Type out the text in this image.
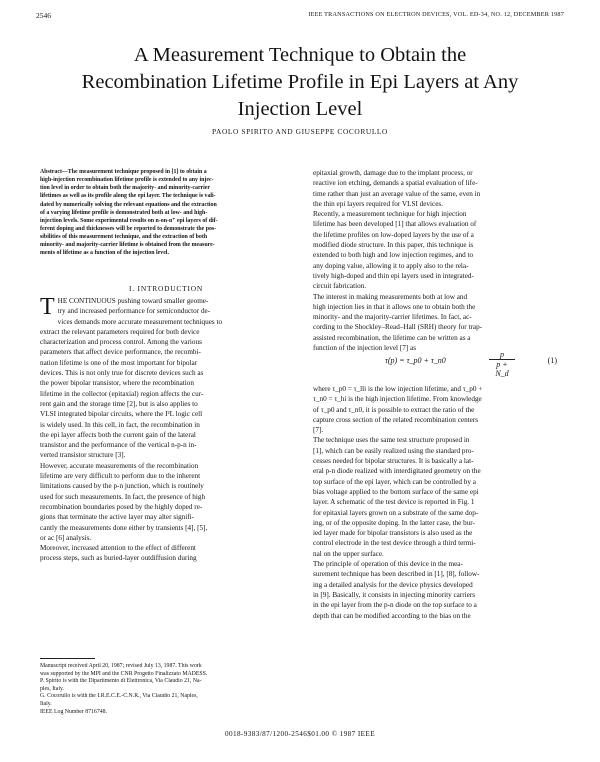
2546	IEEE TRANSACTIONS ON ELECTRON DEVICES, VOL. ED-34, NO. 12, DECEMBER 1987
A Measurement Technique to Obtain the
Recombination Lifetime Profile in Epi Layers at Any
Injection Level
PAOLO SPIRITO AND GIUSEPPE COCORULLO
Abstract—The measurement technique proposed in [1] to obtain a
high-injection recombination lifetime profile is extended to any injec-
tion level in order to obtain both the majority- and minority-carrier
lifetimes as well as its profile along the epi layer. The technique is vali-
dated by numerically solving the relevant equations and the extraction
of a varying lifetime profile is demonstrated both at low- and high-
injection levels. Some experimental results on n-on-n⁺ epi layers of dif-
ferent doping and thicknesses will be reported to demonstrate the pos-
sibilities of this measurement technique, and the extraction of both
minority- and majority-carrier lifetime is obtained from the measure-
ments of lifetime as a function of the injection level.
I. INTRODUCTION
T HE CONTINUOUS pushing toward smaller geome-
try and increased performance for semiconductor de-
vices demands more accurate measurement techniques to
extract the relevant parameters required for both device
characterization and process control. Among the various
parameters that affect device performance, the recombi-
nation lifetime is one of the most important for bipolar
devices. This is not only true for discrete devices such as
the power bipolar transistor, where the recombination
lifetime in the collector (epitaxial) region affects the cur-
rent gain and the storage time [2], but is also applies to
VLSI integrated bipolar circuits, where the I²L logic cell
is widely used. In this cell, in fact, the recombination in
the epi layer affects both the current gain of the lateral
transistor and the performance of the vertical n-p-n in-
verted transistor structure [3].
However, accurate measurements of the recombination
lifetime are very difficult to perform due to the inherent
limitations caused by the p-n junction, which is routinely
used for such measurements. In fact, the presence of high
recombination boundaries posed by the highly doped re-
gions that terminate the active layer may alter signifi-
cantly the measurements done either by transients [4], [5],
or ac [6] analysis.
Moreover, increased attention to the effect of different
process steps, such as buried-layer outdiffusion during
Manuscript received April 20, 1987; revised July 13, 1987. This work
was supported by the MPI and the CNR Progetto Finalizzato MADESS.
P. Spirito is with the Dipartimento di Elettronica, Via Claudio 21, Na-
ples, Italy.
G. Cocorullo is with the I.R.E.C.E.-C.N.R., Via Claudio 21, Naples,
Italy.
IEEE Log Number 8716748.
epitaxial growth, damage due to the implant process, or
reactive ion etching, demands a spatial evaluation of life-
time rather than just an average value of the same, even in
the thin epi layers required for VLSI devices.
Recently, a measurement technique for high injection
lifetime has been developed [1] that allows evaluation of
the lifetime profiles on low-doped layers by the use of a
modified diode structure. In this paper, this technique is
extended to both high and low injection regimes, and to
any doping value, allowing it to apply also to the rela-
tively high-doped and thin epi layers used in integrated-
circuit fabrication.
The interest in making measurements both at low and
high injection lies in that it allows one to obtain both the
minority- and the majority-carrier lifetimes. In fact, ac-
cording to the Shockley–Read–Hall (SRH) theory for trap-
assisted recombination, the lifetime can be written as a
function of the injection level [7] as
τ(p) = τ_p0 + τ_n0	$\frac{p}{p + N\_d}$	(1)
where τ_p0 = τ_lli is the low injection lifetime, and τ_p0 +
τ_n0 = τ_hi is the high injection lifetime. From knowledge
of τ_p0 and τ_n0, it is possible to extract the ratio of the
capture cross section of the related recombination centers
[7].
The technique uses the same test structure proposed in
[1], which can be easily realized using the standard pro-
cesses needed for bipolar structures. It is basically a lat-
eral p-n diode realized with interdigitated geometry on the
top surface of the epi layer, which can be controlled by a
bias voltage applied to the bottom surface of the same epi
layer. A schematic of the test device is reported in Fig. 1
for epitaxial layers grown on a substrate of the same dop-
ing, or of the opposite doping. In the latter case, the bur-
ied layer made for bipolar transistors is also used as the
control electrode in the test device through a third termi-
nal on the upper surface.
The principle of operation of this device in the mea-
surement technique has been described in [1], [8], follow-
ing a detailed analysis for the device physics developed
in [9]. Basically, it consists in injecting minority carriers
in the epi layer from the p-n diode on the top surface to a
depth that can be modified according to the bias on the
0018-9383/87/1200-2546$01.00 © 1987 IEEE
